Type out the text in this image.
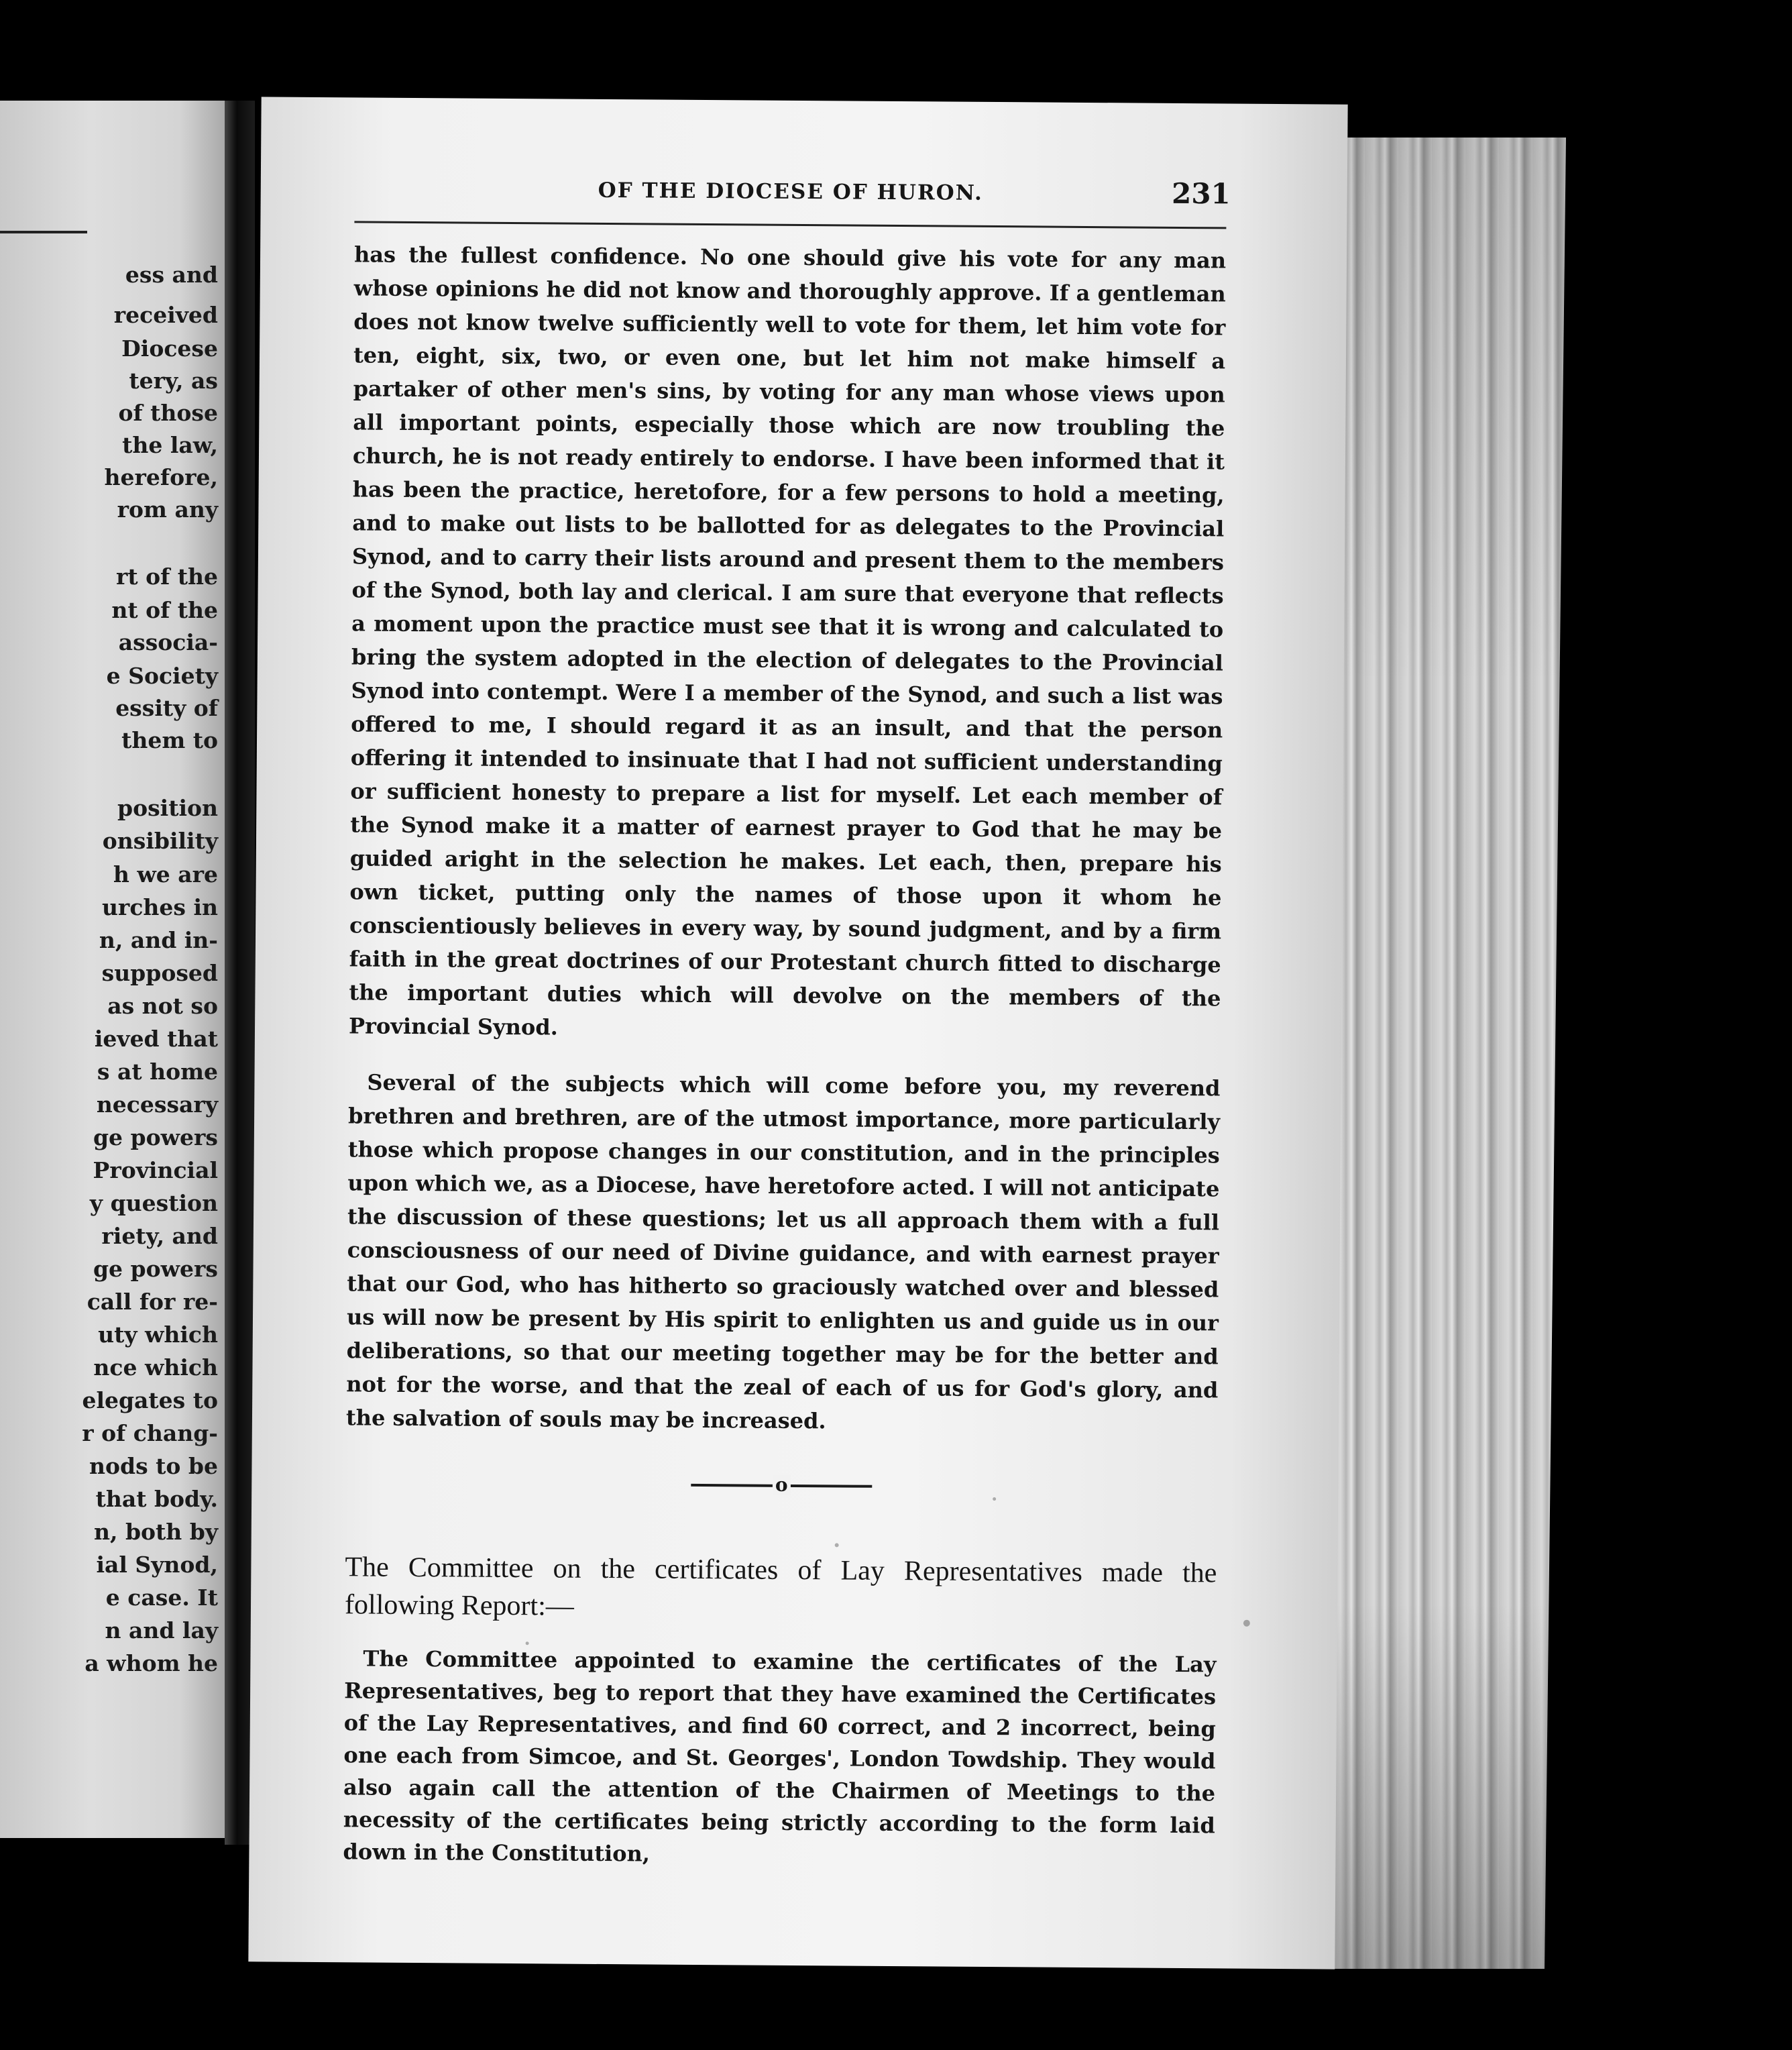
ess and
received
Diocese
tery, as
of those
the law,
herefore,
rom any
rt of the
nt of the
associa-
e Society
essity of
them to
position
onsibility
h we are
urches in
n, and in-
supposed
as not so
ieved that
s at home
necessary
ge powers
Provincial
y question
riety, and
ge powers
call for re-
uty which
nce which
elegates to
r of chang-
nods to be
that body.
n, both by
ial Synod,
e case. It
n and lay
a whom he
OF THE DIOCESE OF HURON.	231

has the fullest confidence. No one should give his vote for any man whose opinions he did not know and thoroughly approve. If a gentleman does not know twelve sufficiently well to vote for them, let him vote for ten, eight, six, two, or even one, but let him not make himself a partaker of other men's sins, by voting for any man whose views upon all important points, especially those which are now troubling the church, he is not ready entirely to endorse. I have been informed that it has been the practice, heretofore, for a few persons to hold a meeting, and to make out lists to be ballotted for as delegates to the Provincial Synod, and to carry their lists around and present them to the members of the Synod, both lay and clerical. I am sure that everyone that reflects a moment upon the practice must see that it is wrong and calculated to bring the system adopted in the election of delegates to the Provincial Synod into contempt. Were I a member of the Synod, and such a list was offered to me, I should regard it as an insult, and that the person offering it intended to insinuate that I had not sufficient understanding or sufficient honesty to prepare a list for myself. Let each member of the Synod make it a matter of earnest prayer to God that he may be guided aright in the selection he makes. Let each, then, prepare his own ticket, putting only the names of those upon it whom he conscientiously believes in every way, by sound judgment, and by a firm faith in the great doctrines of our Protestant church fitted to discharge the important duties which will devolve on the members of the Provincial Synod.

Several of the subjects which will come before you, my reverend brethren and brethren, are of the utmost importance, more particularly those which propose changes in our constitution, and in the principles upon which we, as a Diocese, have heretofore acted. I will not anticipate the discussion of these questions; let us all approach them with a full consciousness of our need of Divine guidance, and with earnest prayer that our God, who has hitherto so graciously watched over and blessed us will now be present by His spirit to enlighten us and guide us in our deliberations, so that our meeting together may be for the better and not for the worse, and that the zeal of each of us for God's glory, and the salvation of souls may be increased.

o

The Committee on the certificates of Lay Representatives made the following Report:—

The Committee appointed to examine the certificates of the Lay Representatives, beg to report that they have examined the Certificates of the Lay Representatives, and find 60 correct, and 2 incorrect, being one each from Simcoe, and St. Georges', London Towdship. They would also again call the attention of the Chairmen of Meetings to the necessity of the certificates being strictly according to the form laid down in the Constitution,
